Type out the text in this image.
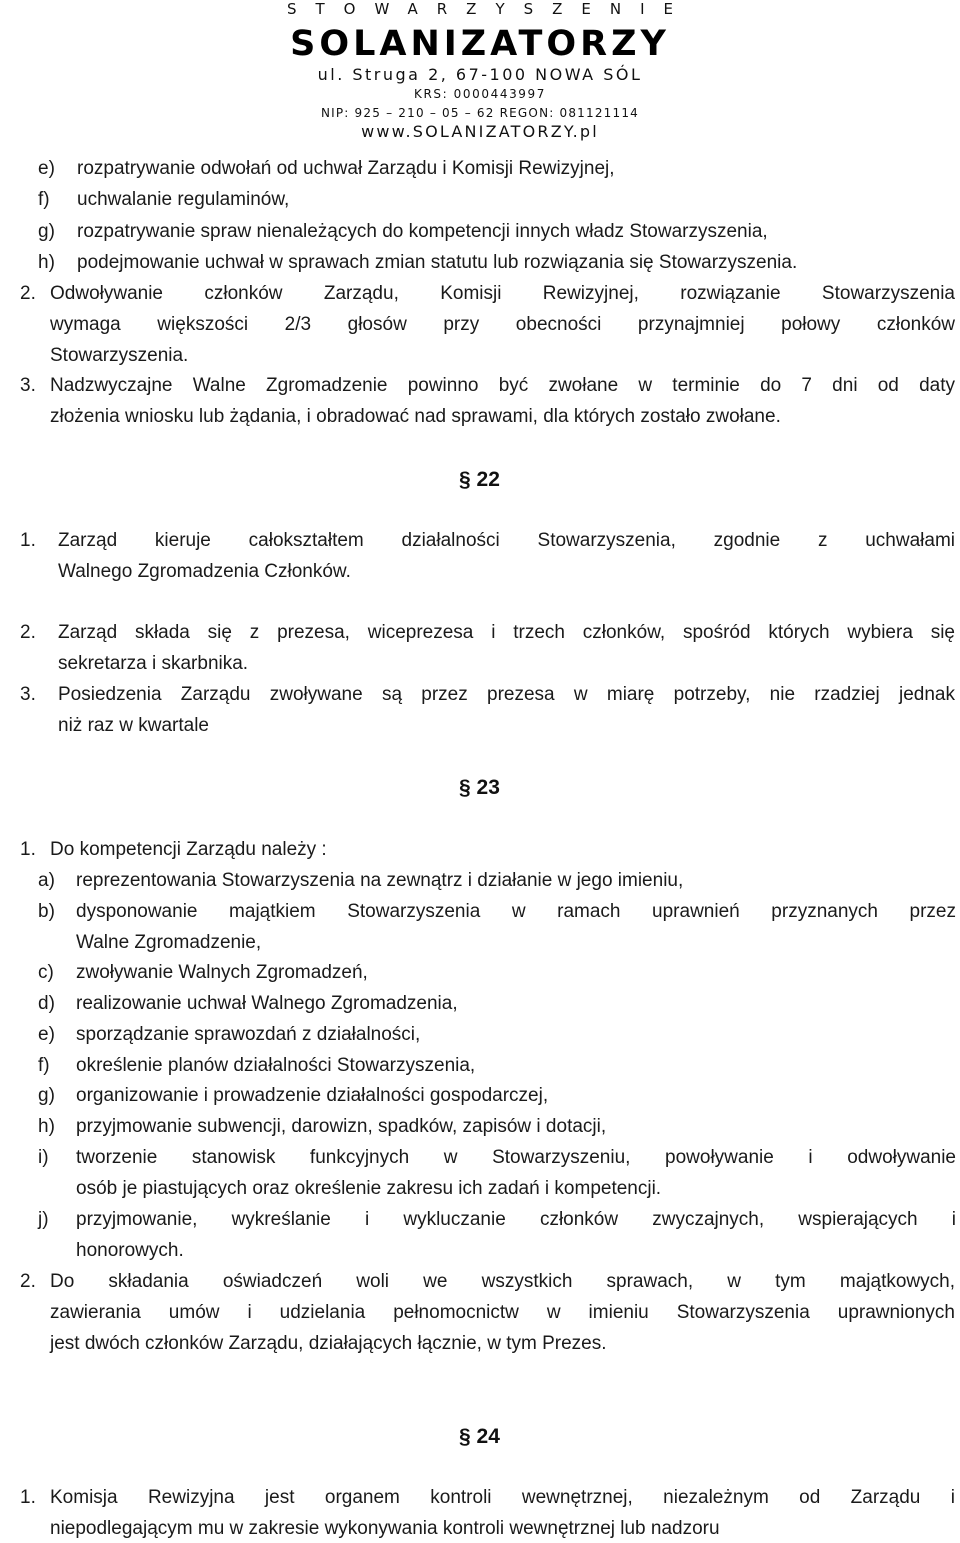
STOWARZYSZENIE
SOLANIZATORZY
ul. Struga 2, 67-100 NOWA SÓL
KRS: 0000443997
NIP: 925 – 210 – 05 – 62 REGON: 081121114
www.SOLANIZATORZY.pl
e) rozpatrywanie odwołań od uchwał Zarządu i Komisji Rewizyjnej,
f) uchwalanie regulaminów,
g) rozpatrywanie spraw nienależących do kompetencji innych władz Stowarzyszenia,
h) podejmowanie uchwał w sprawach zmian statutu lub rozwiązania się Stowarzyszenia.
2. Odwoływanie członków Zarządu, Komisji Rewizyjnej, rozwiązanie Stowarzyszenia
wymaga większości 2/3 głosów przy obecności przynajmniej połowy członków
Stowarzyszenia.
3. Nadzwyczajne Walne Zgromadzenie powinno być zwołane w terminie do 7 dni od daty
złożenia wniosku lub żądania, i obradować nad sprawami, dla których zostało zwołane.
§ 22
1. Zarząd kieruje całokształtem działalności Stowarzyszenia, zgodnie z uchwałami
Walnego Zgromadzenia Członków.
2. Zarząd składa się z prezesa, wiceprezesa i trzech członków, spośród których wybiera się
sekretarza i skarbnika.
3. Posiedzenia Zarządu zwoływane są przez prezesa w miarę potrzeby, nie rzadziej jednak
niż raz w kwartale
§ 23
1. Do kompetencji Zarządu należy :
a) reprezentowania Stowarzyszenia na zewnątrz i działanie w jego imieniu,
b) dysponowanie majątkiem Stowarzyszenia w ramach uprawnień przyznanych przez
Walne Zgromadzenie,
c) zwoływanie Walnych Zgromadzeń,
d) realizowanie uchwał Walnego Zgromadzenia,
e) sporządzanie sprawozdań z działalności,
f) określenie planów działalności Stowarzyszenia,
g) organizowanie i prowadzenie działalności gospodarczej,
h) przyjmowanie subwencji, darowizn, spadków, zapisów i dotacji,
i) tworzenie stanowisk funkcyjnych w Stowarzyszeniu, powoływanie i odwoływanie
osób je piastujących oraz określenie zakresu ich zadań i kompetencji.
j) przyjmowanie, wykreślanie i wykluczanie członków zwyczajnych, wspierających i
honorowych.
2. Do składania oświadczeń woli we wszystkich sprawach, w tym majątkowych,
zawierania umów i udzielania pełnomocnictw w imieniu Stowarzyszenia uprawnionych
jest dwóch członków Zarządu, działających łącznie, w tym Prezes.
§ 24
1. Komisja Rewizyjna jest organem kontroli wewnętrznej, niezależnym od Zarządu i
niepodlegającym mu w zakresie wykonywania kontroli wewnętrznej lub nadzoru
